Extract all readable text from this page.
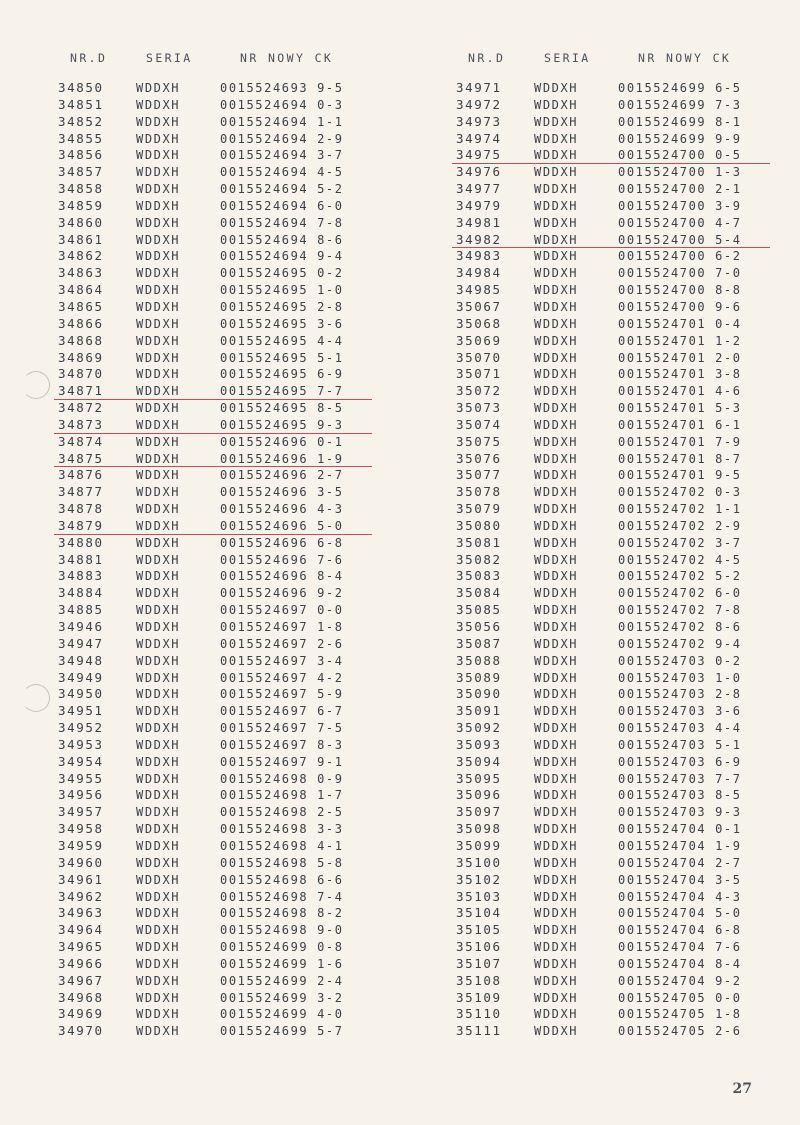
NR.D	SERIA	NR NOWY CK
34850	WDDXH	0015524693 9-5
34851	WDDXH	0015524694 0-3
34852	WDDXH	0015524694 1-1
34855	WDDXH	0015524694 2-9
34856	WDDXH	0015524694 3-7
34857	WDDXH	0015524694 4-5
34858	WDDXH	0015524694 5-2
34859	WDDXH	0015524694 6-0
34860	WDDXH	0015524694 7-8
34861	WDDXH	0015524694 8-6
34862	WDDXH	0015524694 9-4
34863	WDDXH	0015524695 0-2
34864	WDDXH	0015524695 1-0
34865	WDDXH	0015524695 2-8
34866	WDDXH	0015524695 3-6
34868	WDDXH	0015524695 4-4
34869	WDDXH	0015524695 5-1
34870	WDDXH	0015524695 6-9
34871	WDDXH	0015524695 7-7
34872	WDDXH	0015524695 8-5
34873	WDDXH	0015524695 9-3
34874	WDDXH	0015524696 0-1
34875	WDDXH	0015524696 1-9
34876	WDDXH	0015524696 2-7
34877	WDDXH	0015524696 3-5
34878	WDDXH	0015524696 4-3
34879	WDDXH	0015524696 5-0
34880	WDDXH	0015524696 6-8
34881	WDDXH	0015524696 7-6
34883	WDDXH	0015524696 8-4
34884	WDDXH	0015524696 9-2
34885	WDDXH	0015524697 0-0
34946	WDDXH	0015524697 1-8
34947	WDDXH	0015524697 2-6
34948	WDDXH	0015524697 3-4
34949	WDDXH	0015524697 4-2
34950	WDDXH	0015524697 5-9
34951	WDDXH	0015524697 6-7
34952	WDDXH	0015524697 7-5
34953	WDDXH	0015524697 8-3
34954	WDDXH	0015524697 9-1
34955	WDDXH	0015524698 0-9
34956	WDDXH	0015524698 1-7
34957	WDDXH	0015524698 2-5
34958	WDDXH	0015524698 3-3
34959	WDDXH	0015524698 4-1
34960	WDDXH	0015524698 5-8
34961	WDDXH	0015524698 6-6
34962	WDDXH	0015524698 7-4
34963	WDDXH	0015524698 8-2
34964	WDDXH	0015524698 9-0
34965	WDDXH	0015524699 0-8
34966	WDDXH	0015524699 1-6
34967	WDDXH	0015524699 2-4
34968	WDDXH	0015524699 3-2
34969	WDDXH	0015524699 4-0
34970	WDDXH	0015524699 5-7
NR.D	SERIA	NR NOWY CK
34971	WDDXH	0015524699 6-5
34972	WDDXH	0015524699 7-3
34973	WDDXH	0015524699 8-1
34974	WDDXH	0015524699 9-9
34975	WDDXH	0015524700 0-5
34976	WDDXH	0015524700 1-3
34977	WDDXH	0015524700 2-1
34979	WDDXH	0015524700 3-9
34981	WDDXH	0015524700 4-7
34982	WDDXH	0015524700 5-4
34983	WDDXH	0015524700 6-2
34984	WDDXH	0015524700 7-0
34985	WDDXH	0015524700 8-8
35067	WDDXH	0015524700 9-6
35068	WDDXH	0015524701 0-4
35069	WDDXH	0015524701 1-2
35070	WDDXH	0015524701 2-0
35071	WDDXH	0015524701 3-8
35072	WDDXH	0015524701 4-6
35073	WDDXH	0015524701 5-3
35074	WDDXH	0015524701 6-1
35075	WDDXH	0015524701 7-9
35076	WDDXH	0015524701 8-7
35077	WDDXH	0015524701 9-5
35078	WDDXH	0015524702 0-3
35079	WDDXH	0015524702 1-1
35080	WDDXH	0015524702 2-9
35081	WDDXH	0015524702 3-7
35082	WDDXH	0015524702 4-5
35083	WDDXH	0015524702 5-2
35084	WDDXH	0015524702 6-0
35085	WDDXH	0015524702 7-8
35056	WDDXH	0015524702 8-6
35087	WDDXH	0015524702 9-4
35088	WDDXH	0015524703 0-2
35089	WDDXH	0015524703 1-0
35090	WDDXH	0015524703 2-8
35091	WDDXH	0015524703 3-6
35092	WDDXH	0015524703 4-4
35093	WDDXH	0015524703 5-1
35094	WDDXH	0015524703 6-9
35095	WDDXH	0015524703 7-7
35096	WDDXH	0015524703 8-5
35097	WDDXH	0015524703 9-3
35098	WDDXH	0015524704 0-1
35099	WDDXH	0015524704 1-9
35100	WDDXH	0015524704 2-7
35102	WDDXH	0015524704 3-5
35103	WDDXH	0015524704 4-3
35104	WDDXH	0015524704 5-0
35105	WDDXH	0015524704 6-8
35106	WDDXH	0015524704 7-6
35107	WDDXH	0015524704 8-4
35108	WDDXH	0015524704 9-2
35109	WDDXH	0015524705 0-0
35110	WDDXH	0015524705 1-8
35111	WDDXH	0015524705 2-6
27
